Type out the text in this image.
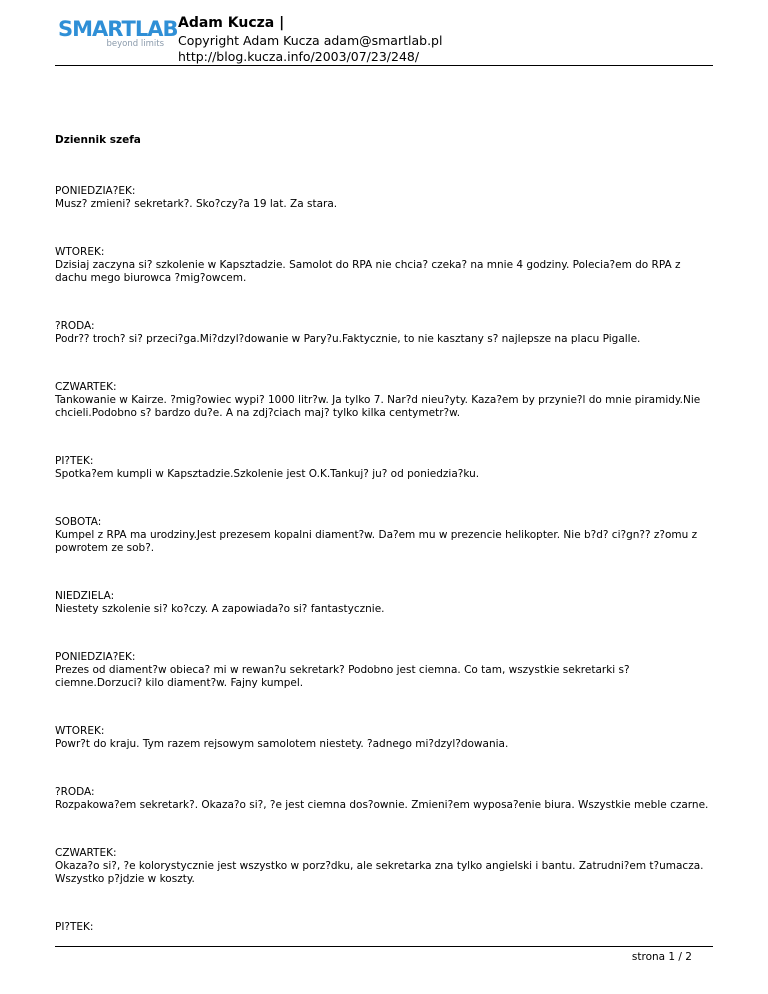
SMARTLAB
beyond limits
Adam Kucza |
Copyright Adam Kucza adam@smartlab.pl
http://blog.kucza.info/2003/07/23/248/
Dziennik szefa
PONIEDZIA?EK:
Musz? zmieni? sekretark?. Sko?czy?a 19 lat. Za stara.
WTOREK:
Dzisiaj zaczyna si? szkolenie w Kapsztadzie. Samolot do RPA nie chcia? czeka? na mnie 4 godziny. Polecia?em do RPA z dachu mego biurowca ?mig?owcem.
?RODA:
Podr?? troch? si? przeci?ga.Mi?dzyl?dowanie w Pary?u.Faktycznie, to nie kasztany s? najlepsze na placu Pigalle.
CZWARTEK:
Tankowanie w Kairze. ?mig?owiec wypi? 1000 litr?w. Ja tylko 7. Nar?d nieu?yty. Kaza?em by przynie?l do mnie piramidy.Nie chcieli.Podobno s? bardzo du?e. A na zdj?ciach maj? tylko kilka centymetr?w.
PI?TEK:
Spotka?em kumpli w Kapsztadzie.Szkolenie jest O.K.Tankuj? ju? od poniedzia?ku.
SOBOTA:
Kumpel z RPA ma urodziny.Jest prezesem kopalni diament?w. Da?em mu w prezencie helikopter. Nie b?d? ci?gn?? z?omu z powrotem ze sob?.
NIEDZIELA:
Niestety szkolenie si? ko?czy. A zapowiada?o si? fantastycznie.
PONIEDZIA?EK:
Prezes od diament?w obieca? mi w rewan?u sekretark? Podobno jest ciemna. Co tam, wszystkie sekretarki s? ciemne.Dorzuci? kilo diament?w. Fajny kumpel.
WTOREK:
Powr?t do kraju. Tym razem rejsowym samolotem niestety. ?adnego mi?dzyl?dowania.
?RODA:
Rozpakowa?em sekretark?. Okaza?o si?, ?e jest ciemna dos?ownie. Zmieni?em wyposa?enie biura. Wszystkie meble czarne.
CZWARTEK:
Okaza?o si?, ?e kolorystycznie jest wszystko w porz?dku, ale sekretarka zna tylko angielski i bantu. Zatrudni?em t?umacza. Wszystko p?jdzie w koszty.
PI?TEK:
strona 1 / 2
